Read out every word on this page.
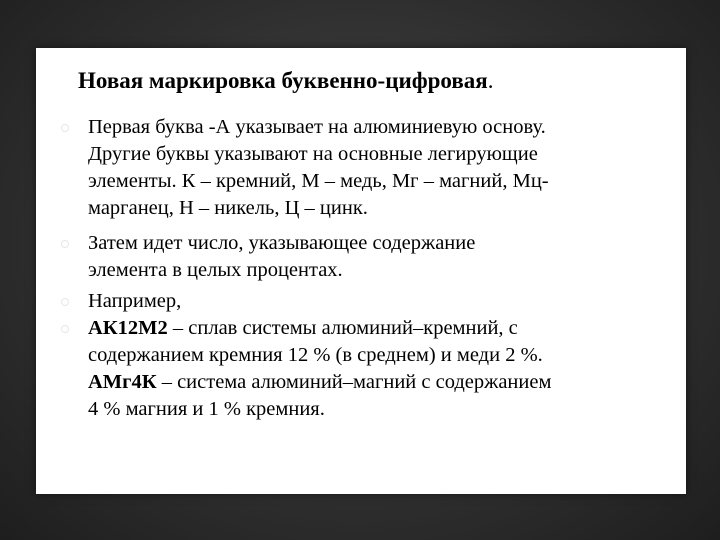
Новая маркировка буквенно-цифровая.
Первая буква -А указывает на алюминиевую основу.
Другие буквы указывают на основные легирующие
элементы. К – кремний, М – медь, Мг – магний, Мц-
марганец, Н – никель, Ц – цинк.
Затем идет число, указывающее содержание
элемента в целых процентах.
Например,
АК12М2 – сплав системы алюминий–кремний, с
содержанием кремния 12 % (в среднем) и меди 2 %.
АМг4К – система алюминий–магний с содержанием
4 % магния и 1 % кремния.
